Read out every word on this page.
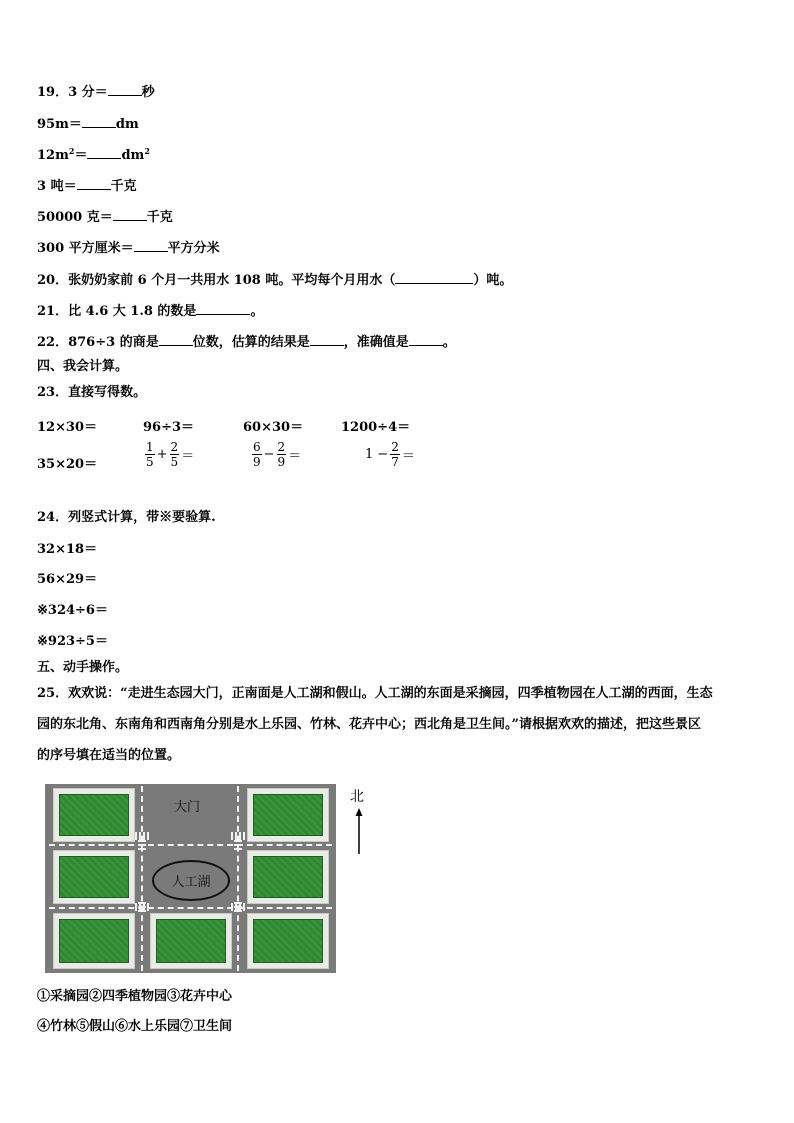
19．3 分＝	秒
95m＝	dm
$12m^2=$	$dm^2$
3 吨＝	千克
50000 克＝	千克
300 平方厘米＝	平方分米
20．张奶奶家前 6 个月一共用水 108 吨。平均每个月用水（	）吨。
21．比 4.6 大 1.8 的数是	。
22．876÷3 的商是	位数，估算的结果是	，准确值是	。
四、我会计算。
23．直接写得数。
12×30＝	96÷3＝	60×30＝	1200÷4＝
35×20＝	$\frac{1}{5} + \frac{2}{5}$ ＝	$\frac{6}{9} - \frac{2}{9}$ ＝	$1 - \frac{2}{7}$ ＝
24．列竖式计算，带※要验算.
32×18＝
56×29＝
※324÷6＝
※923÷5＝
五、动手操作。
25．欢欢说：“走进生态园大门，正南面是人工湖和假山。人工湖的东面是采摘园，四季植物园在人工湖的西面，生态
园的东北角、东南角和西南角分别是水上乐园、竹林、花卉中心；西北角是卫生间。”请根据欢欢的描述，把这些景区
的序号填在适当的位置。
大门
人工湖
北
①采摘园②四季植物园③花卉中心
④竹林⑤假山⑥水上乐园⑦卫生间
